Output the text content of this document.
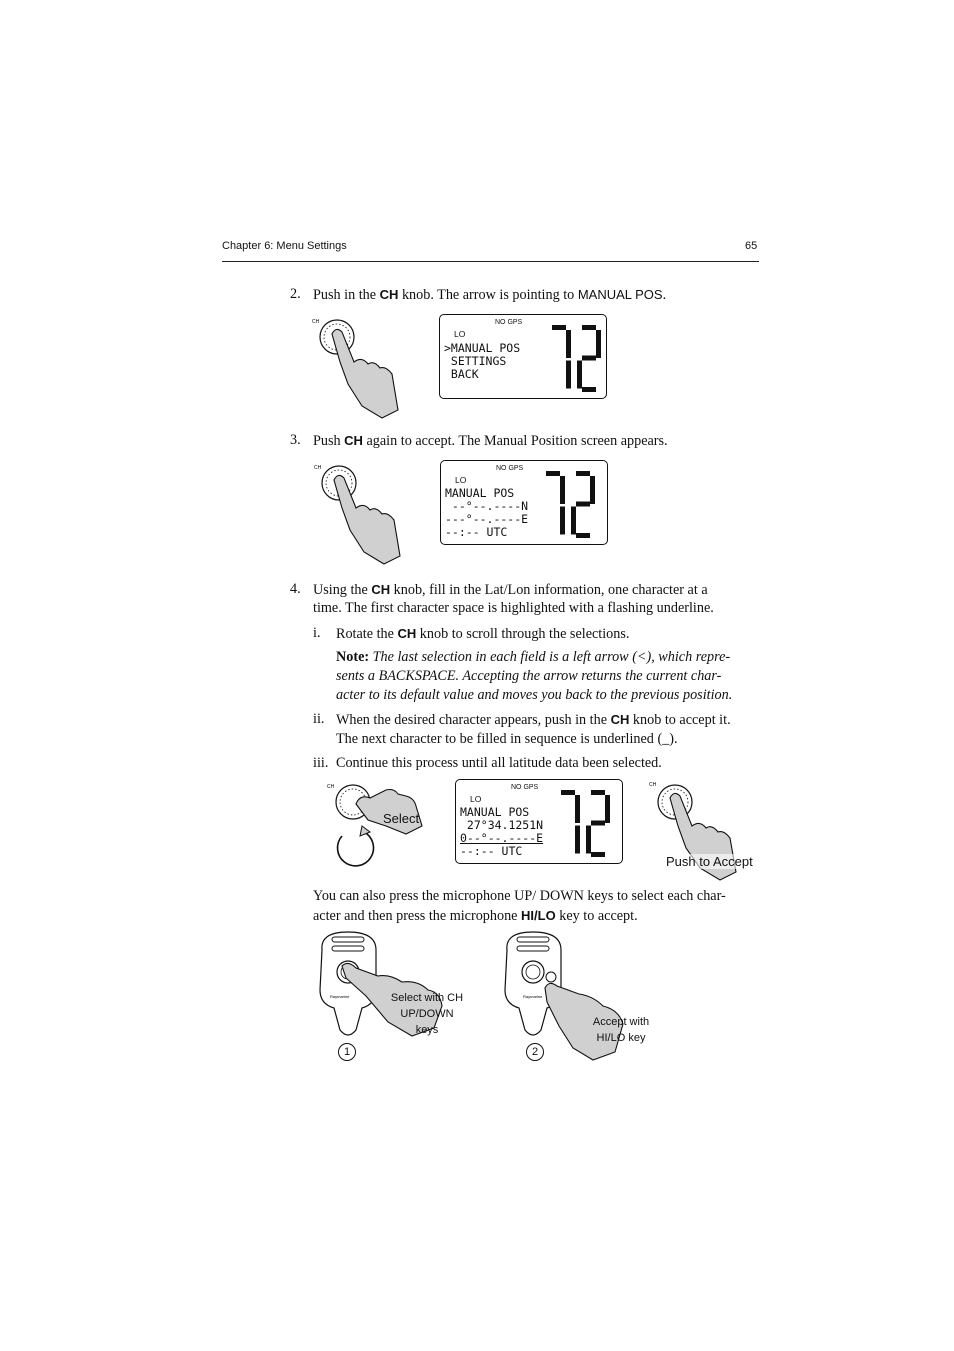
Chapter 6: Menu Settings	65
2. Push in the CH knob. The arrow is pointing to MANUAL POS.
CH	NO GPS
LO
>MANUAL POS
SETTINGS
BACK
3. Push CH again to accept. The Manual Position screen appears.
CH	NO GPS
LO
MANUAL POS
--°--.----N
---°--.----E
--:-- UTC
4. Using the CH knob, fill in the Lat/Lon information, one character at a
time. The first character space is highlighted with a flashing underline.
i. Rotate the CH knob to scroll through the selections.
Note: The last selection in each field is a left arrow (<), which repre-
sents a BACKSPACE. Accepting the arrow returns the current char-
acter to its default value and moves you back to the previous position.
ii. When the desired character appears, push in the CH knob to accept it.
The next character to be filled in sequence is underlined (_).
iii. Continue this process until all latitude data been selected.
CH
Select
NO GPS
LO
MANUAL POS
27°34.1251N
0--°--.----E
--:-- UTC
CH
Push to Accept
You can also press the microphone UP/ DOWN keys to select each char-
acter and then press the microphone HI/LO key to accept.
Raymarine	Select with CH
UP/DOWN keys
1
Raymarine
Accept with
HI/LO key
2
